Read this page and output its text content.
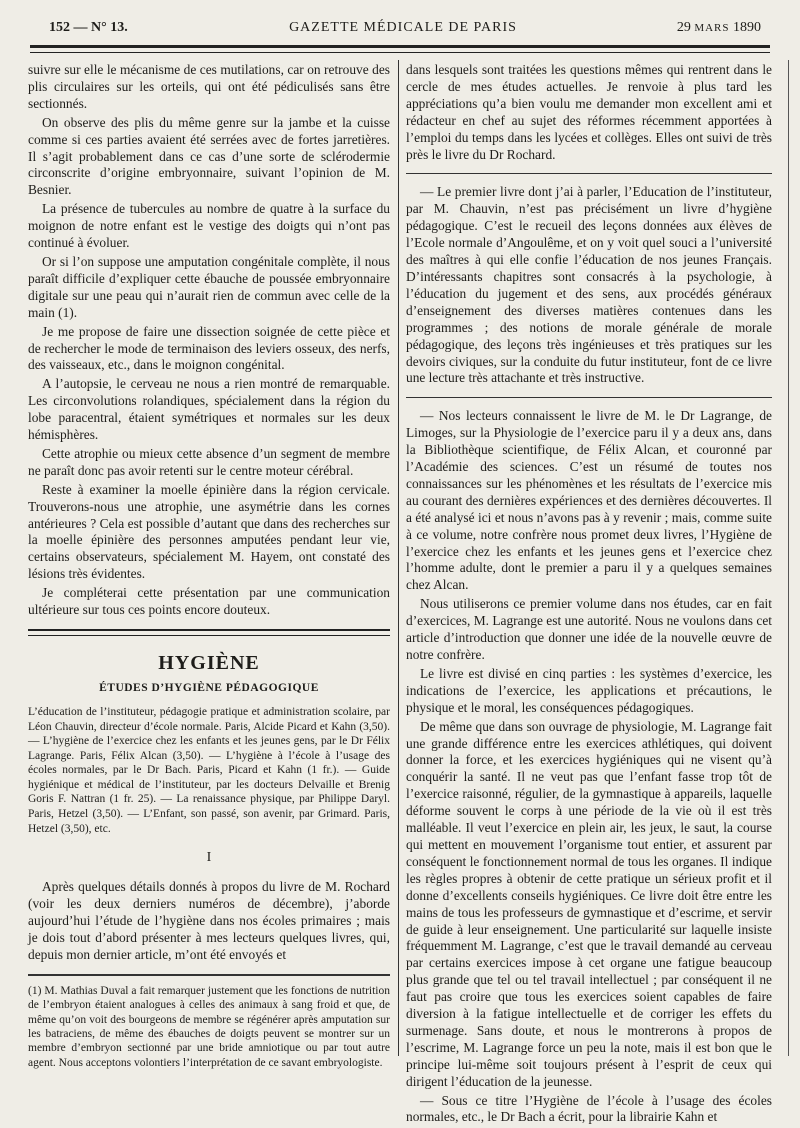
152 — N° 13.	GAZETTE MÉDICALE DE PARIS	29 MARS 1890

suivre sur elle le mécanisme de ces mutilations, car on retrouve des plis circulaires sur les orteils, qui ont été pédiculisés sans être sectionnés.

On observe des plis du même genre sur la jambe et la cuisse comme si ces parties avaient été serrées avec de fortes jarretières. Il s’agit probablement dans ce cas d’une sorte de sclérodermie circonscrite d’origine embryonnaire, suivant l’opinion de M. Besnier.

La présence de tubercules au nombre de quatre à la surface du moignon de notre enfant est le vestige des doigts qui n’ont pas continué à évoluer.

Or si l’on suppose une amputation congénitale complète, il nous paraît difficile d’expliquer cette ébauche de poussée embryonnaire digitale sur une peau qui n’aurait rien de commun avec celle de la main (1).

Je me propose de faire une dissection soignée de cette pièce et de rechercher le mode de terminaison des leviers osseux, des nerfs, des vaisseaux, etc., dans le moignon congénital.

A l’autopsie, le cerveau ne nous a rien montré de remarquable. Les circonvolutions rolandiques, spécialement dans la région du lobe paracentral, étaient symétriques et normales sur les deux hémisphères.

Cette atrophie ou mieux cette absence d’un segment de membre ne paraît donc pas avoir retenti sur le centre moteur cérébral.

Reste à examiner la moelle épinière dans la région cervicale. Trouverons-nous une atrophie, une asymétrie dans les cornes antérieures ? Cela est possible d’autant que dans des recherches sur la moelle épinière des personnes amputées pendant leur vie, certains observateurs, spécialement M. Hayem, ont constaté des lésions très évidentes.

Je compléterai cette présentation par une communication ultérieure sur tous ces points encore douteux.

HYGIÈNE
ÉTUDES D’HYGIÈNE PÉDAGOGIQUE

L’éducation de l’instituteur, pédagogie pratique et administration scolaire, par Léon Chauvin, directeur d’école normale. Paris, Alcide Picard et Kahn (3,50). — L’hygiène de l’exercice chez les enfants et les jeunes gens, par le Dr Félix Lagrange. Paris, Félix Alcan (3,50). — L’hygiène à l’école à l’usage des écoles normales, par le Dr Bach. Paris, Picard et Kahn (1 fr.). — Guide hygiénique et médical de l’instituteur, par les docteurs Delvaille et Brenig Goris F. Nattran (1 fr. 25). — La renaissance physique, par Philippe Daryl. Paris, Hetzel (3,50). — L’Enfant, son passé, son avenir, par Grimard. Paris, Hetzel (3,50), etc.

I

Après quelques détails donnés à propos du livre de M. Rochard (voir les deux derniers numéros de décembre), j’aborde aujourd’hui l’étude de l’hygiène dans nos écoles primaires ; mais je dois tout d’abord présenter à mes lecteurs quelques livres, qui, depuis mon dernier article, m’ont été envoyés et

(1) M. Mathias Duval a fait remarquer justement que les fonctions de nutrition de l’embryon étaient analogues à celles des animaux à sang froid et que, de même qu’on voit des bourgeons de membre se régénérer après amputation sur les batraciens, de même des ébauches de doigts peuvent se montrer sur un membre d’embryon sectionné par une bride amniotique ou par tout autre agent. Nous acceptons volontiers l’interprétation de ce savant embryologiste.

dans lesquels sont traitées les questions mêmes qui rentrent dans le cercle de mes études actuelles. Je renvoie à plus tard les appréciations qu’a bien voulu me demander mon excellent ami et rédacteur en chef au sujet des réformes récemment apportées à l’emploi du temps dans les lycées et collèges. Elles ont suivi de très près le livre du Dr Rochard.

— Le premier livre dont j’ai à parler, l’Education de l’instituteur, par M. Chauvin, n’est pas précisément un livre d’hygiène pédagogique. C’est le recueil des leçons données aux élèves de l’Ecole normale d’Angoulême, et on y voit quel souci a l’université des maîtres à qui elle confie l’éducation de nos jeunes Français. D’intéressants chapitres sont consacrés à la psychologie, à l’éducation du jugement et des sens, aux procédés généraux d’enseignement des diverses matières contenues dans les programmes ; des notions de morale générale de morale pédagogique, des leçons très ingénieuses et très pratiques sur les devoirs civiques, sur la conduite du futur instituteur, font de ce livre une lecture très attachante et très instructive.

— Nos lecteurs connaissent le livre de M. le Dr Lagrange, de Limoges, sur la Physiologie de l’exercice paru il y a deux ans, dans la Bibliothèque scientifique, de Félix Alcan, et couronné par l’Académie des sciences. C’est un résumé de toutes nos connaissances sur les phénomènes et les résultats de l’exercice mis au courant des dernières expériences et des dernières découvertes. Il a été analysé ici et nous n’avons pas à y revenir ; mais, comme suite à ce volume, notre confrère nous promet deux livres, l’Hygiène de l’exercice chez les enfants et les jeunes gens et l’exercice chez l’homme adulte, dont le premier a paru il y a quelques semaines chez Alcan.

Nous utiliserons ce premier volume dans nos études, car en fait d’exercices, M. Lagrange est une autorité. Nous ne voulons dans cet article d’introduction que donner une idée de la nouvelle œuvre de notre confrère.

Le livre est divisé en cinq parties : les systèmes d’exercice, les indications de l’exercice, les applications et précautions, le physique et le moral, les conséquences pédagogiques.

De même que dans son ouvrage de physiologie, M. Lagrange fait une grande différence entre les exercices athlétiques, qui doivent donner la force, et les exercices hygiéniques qui ne visent qu’à conquérir la santé. Il ne veut pas que l’enfant fasse trop tôt de l’exercice raisonné, régulier, de la gymnastique à appareils, laquelle déforme souvent le corps à une période de la vie où il est très malléable. Il veut l’exercice en plein air, les jeux, le saut, la course qui mettent en mouvement l’organisme tout entier, et assurent par conséquent le fonctionnement normal de tous les organes. Il indique les règles propres à obtenir de cette pratique un sérieux profit et il donne d’excellents conseils hygiéniques. Ce livre doit être entre les mains de tous les professeurs de gymnastique et d’escrime, et servir de guide à leur enseignement. Une particularité sur laquelle insiste fréquemment M. Lagrange, c’est que le travail demandé au cerveau par certains exercices impose à cet organe une fatigue beaucoup plus grande que tel ou tel travail intellectuel ; par conséquent il ne faut pas croire que tous les exercices soient capables de faire diversion à la fatigue intellectuelle et de corriger les effets du surmenage. Sans doute, et nous le montrerons à propos de l’escrime, M. Lagrange force un peu la note, mais il est bon que le principe lui-même soit toujours présent à l’esprit de ceux qui dirigent l’éducation de la jeunesse.

— Sous ce titre l’Hygiène de l’école à l’usage des écoles normales, etc., le Dr Bach a écrit, pour la librairie Kahn et
